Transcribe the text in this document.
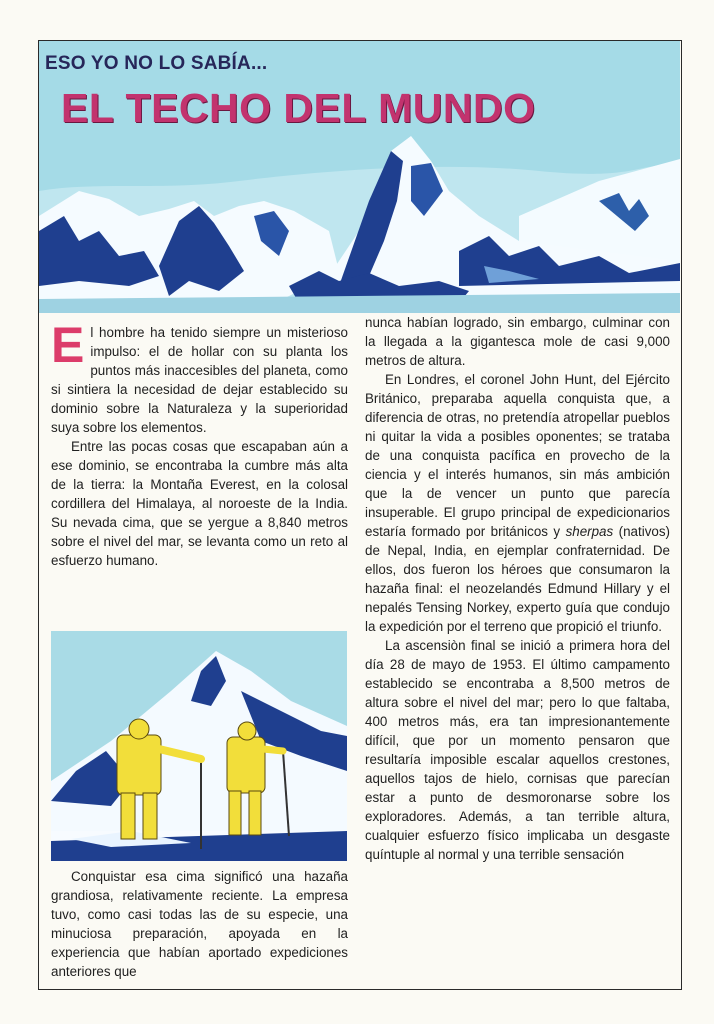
ESO YO NO LO SABÍA...
EL TECHO DEL MUNDO

El hombre ha tenido siempre un misterioso impulso: el de hollar con su planta los puntos más inaccesibles del planeta, como si sintiera la necesidad de dejar establecido su dominio sobre la Naturaleza y la superioridad suya sobre los elementos.

Entre las pocas cosas que escapaban aún a ese dominio, se encontraba la cumbre más alta de la tierra: la Montaña Everest, en la colosal cordillera del Himalaya, al noroeste de la India. Su nevada cima, que se yergue a 8,840 metros sobre el nivel del mar, se levanta como un reto al esfuerzo humano.

Conquistar esa cima significó una hazaña grandiosa, relativamente reciente. La empresa tuvo, como casi todas las de su especie, una minuciosa preparación, apoyada en la experiencia que habían aportado expediciones anteriores que

nunca habían logrado, sin embargo, culminar con la llegada a la gigantesca mole de casi 9,000 metros de altura.

En Londres, el coronel John Hunt, del Ejército Británico, preparaba aquella conquista que, a diferencia de otras, no pretendía atropellar pueblos ni quitar la vida a posibles oponentes; se trataba de una conquista pacífica en provecho de la ciencia y el interés humanos, sin más ambición que la de vencer un punto que parecía insuperable. El grupo principal de expedicionarios estaría formado por británicos y sherpas (nativos) de Nepal, India, en ejemplar confraternidad. De ellos, dos fueron los héroes que consumaron la hazaña final: el neozelandés Edmund Hillary y el nepalés Tensing Norkey, experto guía que condujo la expedición por el terreno que propició el triunfo.

La ascensiòn final se inició a primera hora del día 28 de mayo de 1953. El último campamento establecido se encontraba a 8,500 metros de altura sobre el nivel del mar; pero lo que faltaba, 400 metros más, era tan impresionantemente difícil, que por un momento pensaron que resultaría imposible escalar aquellos crestones, aquellos tajos de hielo, cornisas que parecían estar a punto de desmoronarse sobre los exploradores. Además, a tan terrible altura, cualquier esfuerzo físico implicaba un desgaste quíntuple al normal y una terrible sensación
